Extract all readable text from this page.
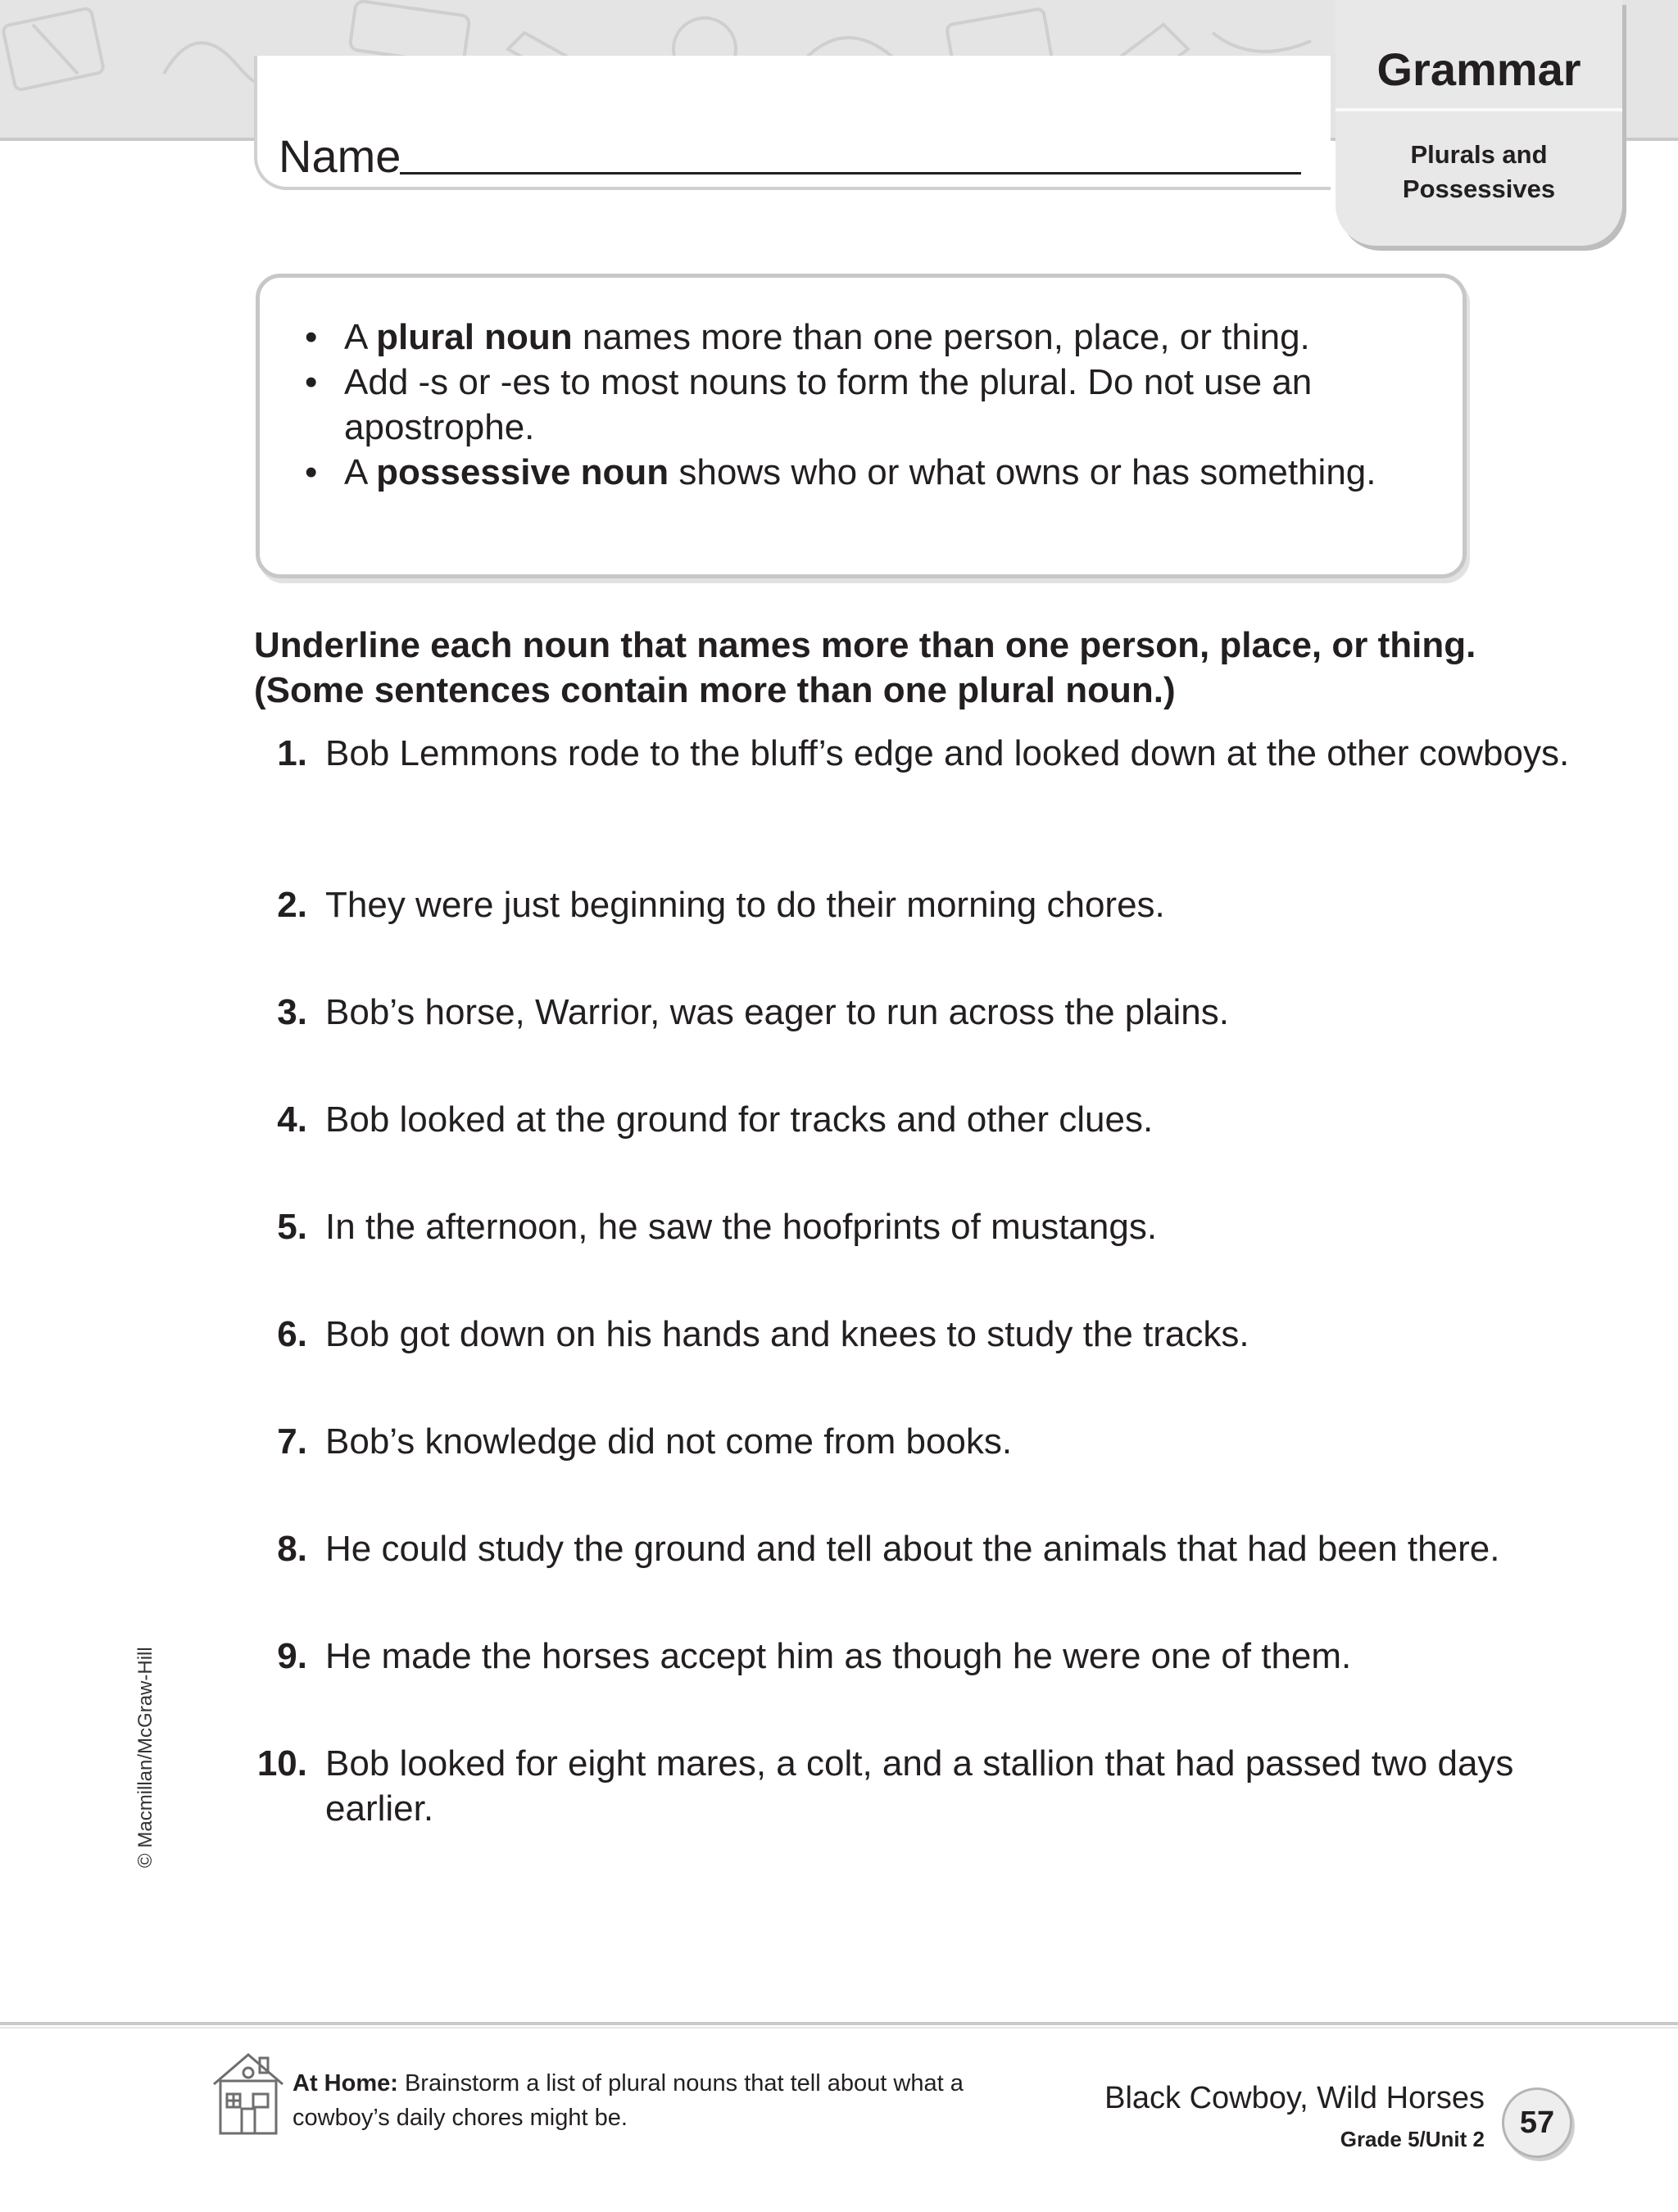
Name
Grammar
Plurals and
Possessives
• A plural noun names more than one person, place, or thing.
• Add -s or -es to most nouns to form the plural. Do not use an apostrophe.
• A possessive noun shows who or what owns or has something.
Underline each noun that names more than one person, place, or thing. (Some sentences contain more than one plural noun.)
1. Bob Lemmons rode to the bluff’s edge and looked down at the other cowboys.
2. They were just beginning to do their morning chores.
3. Bob’s horse, Warrior, was eager to run across the plains.
4. Bob looked at the ground for tracks and other clues.
5. In the afternoon, he saw the hoofprints of mustangs.
6. Bob got down on his hands and knees to study the tracks.
7. Bob’s knowledge did not come from books.
8. He could study the ground and tell about the animals that had been there.
9. He made the horses accept him as though he were one of them.
10. Bob looked for eight mares, a colt, and a stallion that had passed two days earlier.
© Macmillan/McGraw-Hill
At Home: Brainstorm a list of plural nouns that tell about what a cowboy’s daily chores might be.
Black Cowboy, Wild Horses
Grade 5/Unit 2	57
